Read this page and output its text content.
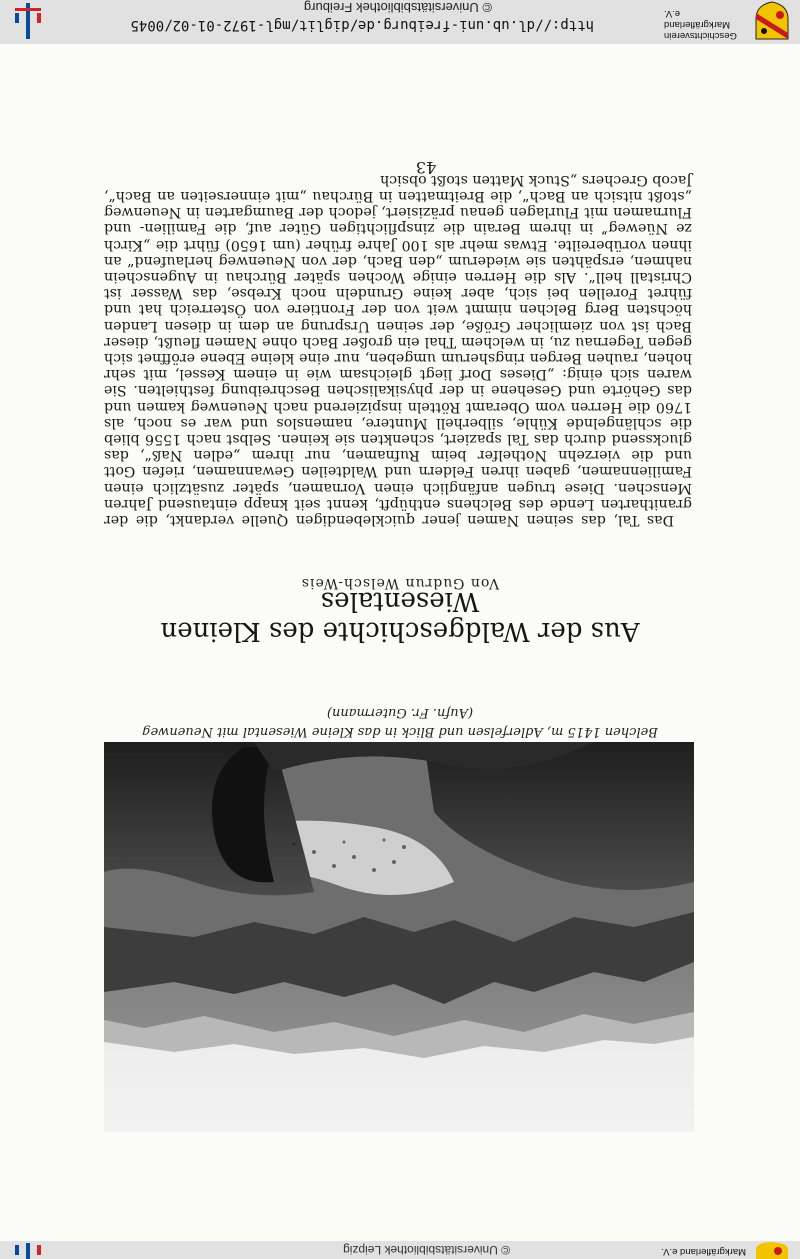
http://dl.ub.uni-freiburg.de/diglit/mgl-1972-01-02/0045
© Universitätsbibliothek Freiburg
© Universitätsbibliothek Leipzig
Geschichtsverein
Markgräflerland e.V.
Markgräflerland e.V.
43

Das Tal, das seinen Namen jener quicklebendigen Quelle verdankt, die der granitharten Lende des Belchens enthüpft, kennt seit knapp eintausend Jahren Menschen. Diese trugen anfänglich einen Vornamen, später zusätzlich einen Familiennamen, gaben ihren Feldern und Waldteilen Gewannamen, riefen Gott und die vierzehn Nothelfer beim Rufnamen, nur ihrem „edlen Naß“, das gluckssend durch das Tal spaziert, schenkten sie keinen. Selbst nach 1556 blieb die schlängelnde Kühle, silberhell Muntere, namenslos und war es noch, als 1760 die Herren vom Oberamt Rötteln inspizierend nach Neuenweg kamen und das Gehörte und Gesehene in der physikalischen Beschreibung festhielten. Sie waren sich einig: „Dieses Dorf liegt gleichsam wie in einem Kessel, mit sehr hohen, rauhen Bergen ringsherum umgeben, nur eine kleine Ebene eröffnet sich gegen Tegernau zu, in welchem Thal ein großer Bach ohne Namen fleußt, dieser Bach ist von ziemlicher Größe, der seinen Ursprung an dem in diesen Landen höchsten Berg Belchen nimmt weit von der Frontiere von Österreich hat und führet Forellen bei sich, aber keine Grundeln noch Krebse, das Wasser ist Christall hell“. Als die Herren einige Wochen später Bürchau in Augenschein nahmen, erspähten sie wiederum „den Bach, der von Neuenweg herlaufend“ an ihnen vorübereilte. Etwas mehr als 100 Jahre früher (um 1650) führt die „Kirch ze Nüewegˮ in ihrem Berain die zinspflichtigen Güter auf, die Familien- und Flurnamen mit Flurlagen genau präzisiert, jedoch der Baumgarten in Neuenweg „stoßt nitsich an Bach“, die Breitmatten in Bürchau „mit einnerseiten an Bach“, Jacob Grechers „Stuck Matten stoßt obsich

Von Gudrun Welsch-Weis
Aus der Waldgeschichte des Kleinen Wiesentales
Belchen 1415 m, Adlerfelsen und Blick in das Kleine Wiesental mit Neuenweg
(Aufn. Fr. Gutermann)
